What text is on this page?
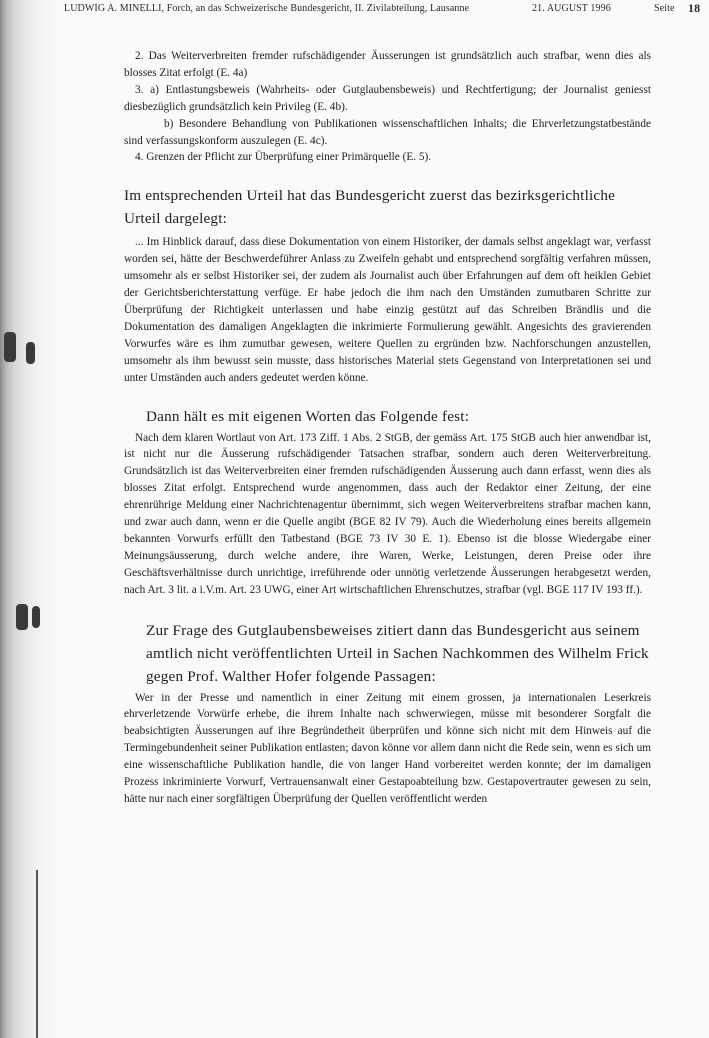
LUDWIG A. MINELLI, Forch, an das Schweizerische Bundesgericht, II. Zivilabteilung, Lausanne	21. AUGUST 1996	Seite 18

2. Das Weiterverbreiten fremder rufschädigender Äusserungen ist grundsätzlich auch strafbar, wenn dies als blosses Zitat erfolgt (E. 4a)

3. a) Entlastungsbeweis (Wahrheits- oder Gutglaubensbeweis) und Rechtfertigung; der Journalist geniesst diesbezüglich grundsätzlich kein Privileg (E. 4b).

b) Besondere Behandlung von Publikationen wissenschaftlichen Inhalts; die Ehrverletzungstatbestände sind verfassungskonform auszulegen (E. 4c).

4. Grenzen der Pflicht zur Überprüfung einer Primärquelle (E. 5).

Im entsprechenden Urteil hat das Bundesgericht zuerst das bezirksgerichtliche Urteil dargelegt:

... Im Hinblick darauf, dass diese Dokumentation von einem Historiker, der damals selbst angeklagt war, verfasst worden sei, hätte der Beschwerdeführer Anlass zu Zweifeln gehabt und entsprechend sorgfältig verfahren müssen, umsomehr als er selbst Historiker sei, der zudem als Journalist auch über Erfahrungen auf dem oft heiklen Gebiet der Gerichtsberichterstattung verfüge. Er habe jedoch die ihm nach den Umständen zumutbaren Schritte zur Überprüfung der Richtigkeit unterlassen und habe einzig gestützt auf das Schreiben Brändlis und die Dokumentation des damaligen Angeklagten die inkrimierte Formulierung gewählt. Angesichts des gravierenden Vorwurfes wäre es ihm zumutbar gewesen, weitere Quellen zu ergründen bzw. Nachforschungen anzustellen, umsomehr als ihm bewusst sein musste, dass historisches Material stets Gegenstand von Interpretationen sei und unter Umständen auch anders gedeutet werden könne.

Dann hält es mit eigenen Worten das Folgende fest:

Nach dem klaren Wortlaut von Art. 173 Ziff. 1 Abs. 2 StGB, der gemäss Art. 175 StGB auch hier anwendbar ist, ist nicht nur die Äusserung rufschädigender Tatsachen strafbar, sondern auch deren Weiterverbreitung. Grundsätzlich ist das Weiterverbreiten einer fremden rufschädigenden Äusserung auch dann erfasst, wenn dies als blosses Zitat erfolgt. Entsprechend wurde angenommen, dass auch der Redaktor einer Zeitung, der eine ehrenrührige Meldung einer Nachrichtenagentur übernimmt, sich wegen Weiterverbreitens strafbar machen kann, und zwar auch dann, wenn er die Quelle angibt (BGE 82 IV 79). Auch die Wiederholung eines bereits allgemein bekannten Vorwurfs erfüllt den Tatbestand (BGE 73 IV 30 E. 1). Ebenso ist die blosse Wiedergabe einer Meinungsäusserung, durch welche andere, ihre Waren, Werke, Leistungen, deren Preise oder ihre Geschäftsverhältnisse durch unrichtige, irreführende oder unnötig verletzende Äusserungen herabgesetzt werden, nach Art. 3 lit. a i.V.m. Art. 23 UWG, einer Art wirtschaftlichen Ehrenschutzes, strafbar (vgl. BGE 117 IV 193 ff.).

Zur Frage des Gutglaubensbeweises zitiert dann das Bundesgericht aus seinem amtlich nicht veröffentlichten Urteil in Sachen Nachkommen des Wilhelm Frick gegen Prof. Walther Hofer folgende Passagen:

Wer in der Presse und namentlich in einer Zeitung mit einem grossen, ja internationalen Leserkreis ehrverletzende Vorwürfe erhebe, die ihrem Inhalte nach schwerwiegen, müsse mit besonderer Sorgfalt die beabsichtigten Äusserungen auf ihre Begründetheit überprüfen und könne sich nicht mit dem Hinweis auf die Termingebundenheit seiner Publikation entlasten; davon könne vor allem dann nicht die Rede sein, wenn es sich um eine wissenschaftliche Publikation handle, die von langer Hand vorbereitet werden konnte; der im damaligen Prozess inkriminierte Vorwurf, Vertrauensanwalt einer Gestapoabteilung bzw. Gestapovertrauter gewesen zu sein, hätte nur nach einer sorgfältigen Überprüfung der Quellen veröffentlicht werden
